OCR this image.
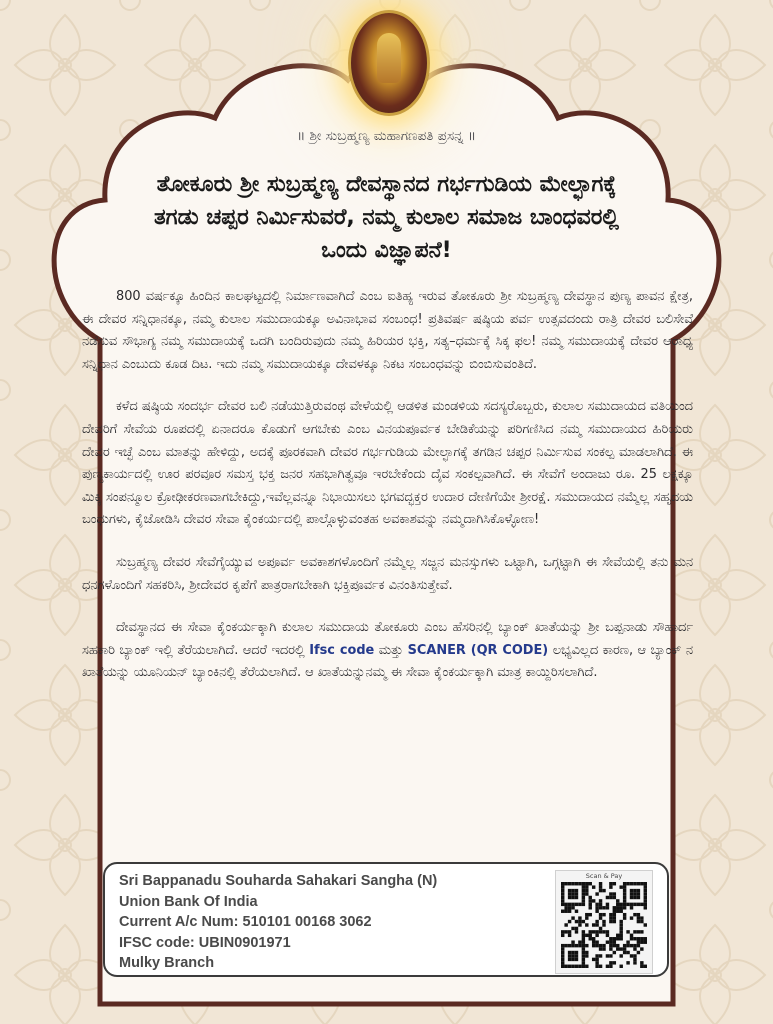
॥ ಶ್ರೀ ಸುಬ್ರಹ್ಮಣ್ಯ ಮಹಾಗಣಪತಿ ಪ್ರಸನ್ನ ॥
ತೋಕೂರು ಶ್ರೀ ಸುಬ್ರಹ್ಮಣ್ಯ ದೇವಸ್ಥಾನದ ಗರ್ಭಗುಡಿಯ ಮೇಲ್ಛಾಗಕ್ಕೆ ತಗಡು ಚಪ್ಪರ ನಿರ್ಮಿಸುವರೆ, ನಮ್ಮ ಕುಲಾಲ ಸಮಾಜ ಬಾಂಧವರಲ್ಲಿ ಒಂದು ವಿಜ್ಞಾಪನೆ!

800 ವರ್ಷಕ್ಕೂ ಹಿಂದಿನ ಕಾಲಘಟ್ಟದಲ್ಲಿ ನಿರ್ಮಾಣವಾಗಿದೆ ಎಂಬ ಐತಿಹ್ಯ ಇರುವ ತೋಕೂರು ಶ್ರೀ ಸುಬ್ರಹ್ಮಣ್ಯ ದೇವಸ್ಥಾನ ಪುಣ್ಯ ಪಾವನ ಕ್ಷೇತ್ರ, ಈ ದೇವರ ಸನ್ನಿಧಾನಕ್ಕೂ, ನಮ್ಮ ಕುಲಾಲ ಸಮುದಾಯಕ್ಕೂ ಅವಿನಾಭಾವ ಸಂಬಂಧ! ಪ್ರತಿವರ್ಷ ಷಷ್ಠಿಯ ಪರ್ವ ಉತ್ಸವದಂದು ರಾತ್ರಿ ದೇವರ ಬಲಿಸೇವೆ ನಡೆಸುವ ಸೌಭಾಗ್ಯ ನಮ್ಮ ಸಮುದಾಯಕ್ಕೆ ಒದಗಿ ಬಂದಿರುವುದು ನಮ್ಮ ಹಿರಿಯರ ಭಕ್ತಿ, ಸತ್ಯ–ಧರ್ಮಕ್ಕೆ ಸಿಕ್ಕ ಫಲ! ನಮ್ಮ ಸಮುದಾಯಕ್ಕೆ ದೇವರ ಆರಾಧ್ಯ ಸನ್ನಿಧಾನ ಎಂಬುದು ಕೂಡ ದಿಟ. ಇದು ನಮ್ಮ ಸಮುದಾಯಕ್ಕೂ ದೇವಳಕ್ಕೂ ನಿಕಟ ಸಂಬಂಧವನ್ನು ಬಿಂಬಿಸುವಂತಿದೆ.

ಕಳೆದ ಷಷ್ಠಿಯ ಸಂದರ್ಭ ದೇವರ ಬಲಿ ನಡೆಯುತ್ತಿರುವಂಥ ವೇಳೆಯಲ್ಲಿ ಆಡಳಿತ ಮಂಡಳಿಯ ಸದಸ್ಯರೊಬ್ಬರು, ಕುಲಾಲ ಸಮುದಾಯದ ವತಿಯಿಂದ ದೇವರಿಗೆ ಸೇವೆಯ ರೂಪದಲ್ಲಿ ಏನಾದರೂ ಕೊಡುಗೆ ಆಗಬೇಕು ಎಂಬ ವಿನಯಪೂರ್ವಕ ಬೇಡಿಕೆಯನ್ನು ಪರಿಗಣಿಸಿದ ನಮ್ಮ ಸಮುದಾಯದ ಹಿರಿಯರು ದೇವರ ಇಚ್ಛೆ ಎಂಬ ಮಾತನ್ನು ಹೇಳಿದ್ದು, ಅದಕ್ಕೆ ಪೂರಕವಾಗಿ ದೇವರ ಗರ್ಭಗುಡಿಯ ಮೇಲ್ಛಾಗಕ್ಕೆ ತಗಡಿನ ಚಪ್ಪರ ನಿರ್ಮಿಸುವ ಸಂಕಲ್ಪ ಮಾಡಲಾಗಿದೆ. ಈ ಪುಣ್ಯಕಾರ್ಯದಲ್ಲಿ ಊರ ಪರವೂರ ಸಮಸ್ತ ಭಕ್ತ ಜನರ ಸಹಭಾಗಿತ್ವವೂ ಇರಬೇಕೆಂದು ದೈವ ಸಂಕಲ್ಪವಾಗಿದೆ. ಈ ಸೇವೆಗೆ ಅಂದಾಜು ರೂ. 25 ಲಕ್ಷಕ್ಕೂ ಮಿಕ್ಕಿ ಸಂಪನ್ಮೂಲ ಕ್ರೋಢೀಕರಣವಾಗಬೇಕಿದ್ದು,ಇವೆಲ್ಲವನ್ನೂ ನಿಭಾಯಿಸಲು ಭಗವದ್ಭಕ್ತರ ಉದಾರ ದೇಣಿಗೆಯೇ ಶ್ರೀರಕ್ಷೆ. ಸಮುದಾಯದ ನಮ್ಮೆಲ್ಲ ಸಹೃದಯ ಬಂಧುಗಳು, ಕೈಜೋಡಿಸಿ ದೇವರ ಸೇವಾ ಕೈಂಕರ್ಯದಲ್ಲಿ ಪಾಲ್ಗೊಳ್ಳುವಂತಹ ಅವಕಾಶವನ್ನು ನಮ್ಮದಾಗಿಸಿಕೊಳ್ಳೋಣ!

ಸುಬ್ರಹ್ಮಣ್ಯ ದೇವರ ಸೇವೆಗೈಯ್ಯುವ ಅಪೂರ್ವ ಅವಕಾಶಗಳೊಂದಿಗೆ ನಮ್ಮೆಲ್ಲ ಸಜ್ಜನ ಮನಸ್ಸುಗಳು ಒಟ್ಟಾಗಿ, ಒಗ್ಗಟ್ಟಾಗಿ ಈ ಸೇವೆಯಲ್ಲಿ ತನು ಮನ ಧನಗಳೊಂದಿಗೆ ಸಹಕರಿಸಿ, ಶ್ರೀದೇವರ ಕೃಪೆಗೆ ಪಾತ್ರರಾಗಬೇಕಾಗಿ ಭಕ್ತಿಪೂರ್ವಕ ವಿನಂತಿಸುತ್ತೇವೆ.

ದೇವಸ್ಥಾನದ ಈ ಸೇವಾ ಕೈಂಕರ್ಯಕ್ಕಾಗಿ ಕುಲಾಲ ಸಮುದಾಯ ತೋಕೂರು ಎಂಬ ಹೆಸರಿನಲ್ಲಿ ಬ್ಯಾಂಕ್ ಖಾತೆಯನ್ನು ಶ್ರೀ ಬಪ್ಪನಾಡು ಸೌಹಾರ್ದ ಸಹಕಾರಿ ಬ್ಯಾಂಕ್ ಇಲ್ಲಿ ತೆರೆಯಲಾಗಿದೆ. ಆದರೆ ಇದರಲ್ಲಿ Ifsc code ಮತ್ತು SCANER (QR CODE) ಲಭ್ಯವಿಲ್ಲದ ಕಾರಣ, ಆ ಬ್ಯಾಂಕ್ ನ ಖಾತೆಯನ್ನು ಯೂನಿಯನ್ ಬ್ಯಾಂಕಿನಲ್ಲಿ ತೆರೆಯಲಾಗಿದೆ. ಆ ಖಾತೆಯನ್ನುನಮ್ಮ ಈ ಸೇವಾ ಕೈಂಕರ್ಯಕ್ಕಾಗಿ ಮಾತ್ರ ಕಾಯ್ದಿರಿಸಲಾಗಿದೆ.

Sri Bappanadu Souharda Sahakari Sangha (N)
Union Bank Of India
Current A/c Num: 510101 00168 3062
IFSC code: UBIN0901971
Mulky Branch
Scan & Pay
